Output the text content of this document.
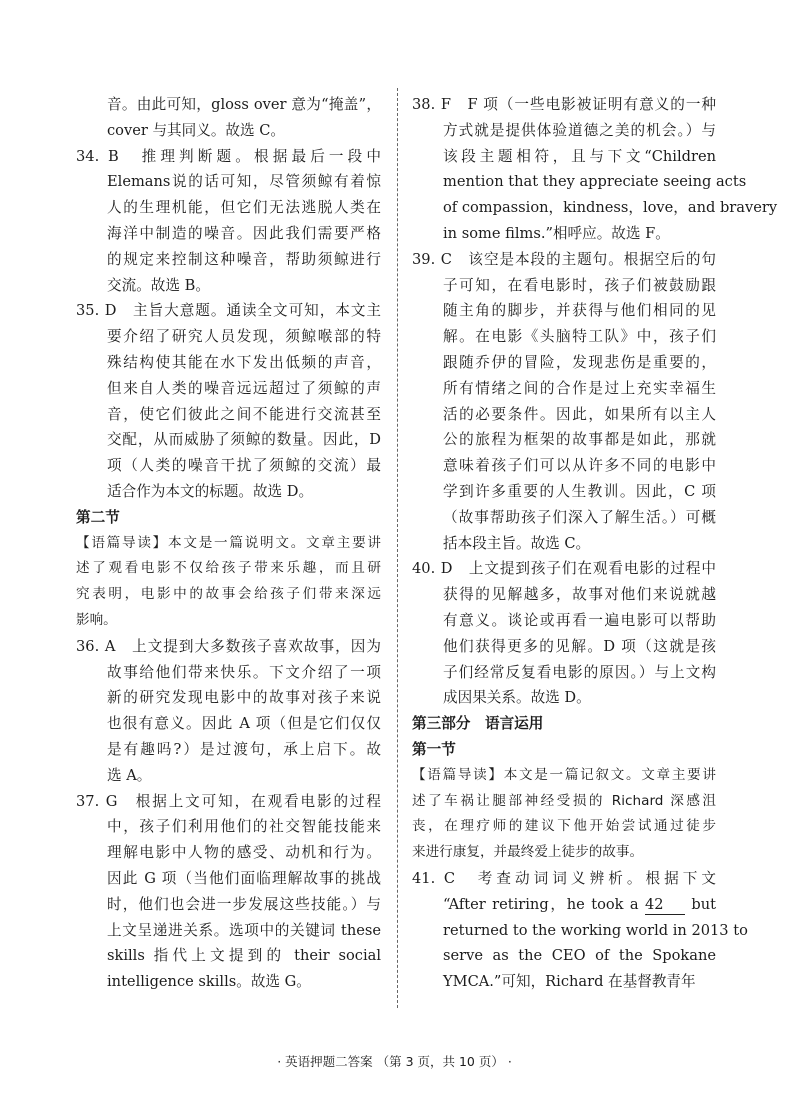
音。由此可知，gloss over 意为“掩盖”，
cover 与其同义。故选 C。
34. B　推理判断题。根据最后一段中
Elemans说的话可知，尽管须鲸有着惊
人的生理机能，但它们无法逃脱人类在
海洋中制造的噪音。因此我们需要严格
的规定来控制这种噪音，帮助须鲸进行
交流。故选 B。
35. D　主旨大意题。通读全文可知，本文主
要介绍了研究人员发现，须鲸喉部的特
殊结构使其能在水下发出低频的声音，
但来自人类的噪音远远超过了须鲸的声
音，使它们彼此之间不能进行交流甚至
交配，从而威胁了须鲸的数量。因此，D
项（人类的噪音干扰了须鲸的交流）最
适合作为本文的标题。故选 D。
第二节
【语篇导读】本文是一篇说明文。文章主要讲
述了观看电影不仅给孩子带来乐趣，而且研
究表明，电影中的故事会给孩子们带来深远
影响。
36. A　上文提到大多数孩子喜欢故事，因为
故事给他们带来快乐。下文介绍了一项
新的研究发现电影中的故事对孩子来说
也很有意义。因此 A 项（但是它们仅仅
是有趣吗?）是过渡句，承上启下。故
选 A。
37. G　根据上文可知，在观看电影的过程
中，孩子们利用他们的社交智能技能来
理解电影中人物的感受、动机和行为。
因此 G 项（当他们面临理解故事的挑战
时，他们也会进一步发展这些技能。）与
上文呈递进关系。选项中的关键词 these
skills 指代上文提到的 their social
intelligence skills。故选 G。
38. F　F 项（一些电影被证明有意义的一种
方式就是提供体验道德之美的机会。）与
该段主题相符，且与下文“Children
mention that they appreciate seeing acts
of compassion，kindness，love，and bravery
in some films.”相呼应。故选 F。
39. C　该空是本段的主题句。根据空后的句
子可知，在看电影时，孩子们被鼓励跟
随主角的脚步，并获得与他们相同的见
解。在电影《头脑特工队》中，孩子们
跟随乔伊的冒险，发现悲伤是重要的，
所有情绪之间的合作是过上充实幸福生
活的必要条件。因此，如果所有以主人
公的旅程为框架的故事都是如此，那就
意味着孩子们可以从许多不同的电影中
学到许多重要的人生教训。因此，C 项
（故事帮助孩子们深入了解生活。）可概
括本段主旨。故选 C。
40. D　上文提到孩子们在观看电影的过程中
获得的见解越多，故事对他们来说就越
有意义。谈论或再看一遍电影可以帮助
他们获得更多的见解。D 项（这就是孩
子们经常反复看电影的原因。）与上文构
成因果关系。故选 D。
第三部分　语言运用
第一节
【语篇导读】本文是一篇记叙文。文章主要讲
述了车祸让腿部神经受损的 Richard 深感沮
丧，在理疗师的建议下他开始尝试通过徒步
来进行康复，并最终爱上徒步的故事。
41. C　考查动词词义辨析。根据下文
“After retiring，he took a 42 but
returned to the working world in 2013 to
serve as the CEO of the Spokane
YMCA.”可知，Richard 在基督教青年
· 英语押题二答案 （第 3 页，共 10 页） ·
